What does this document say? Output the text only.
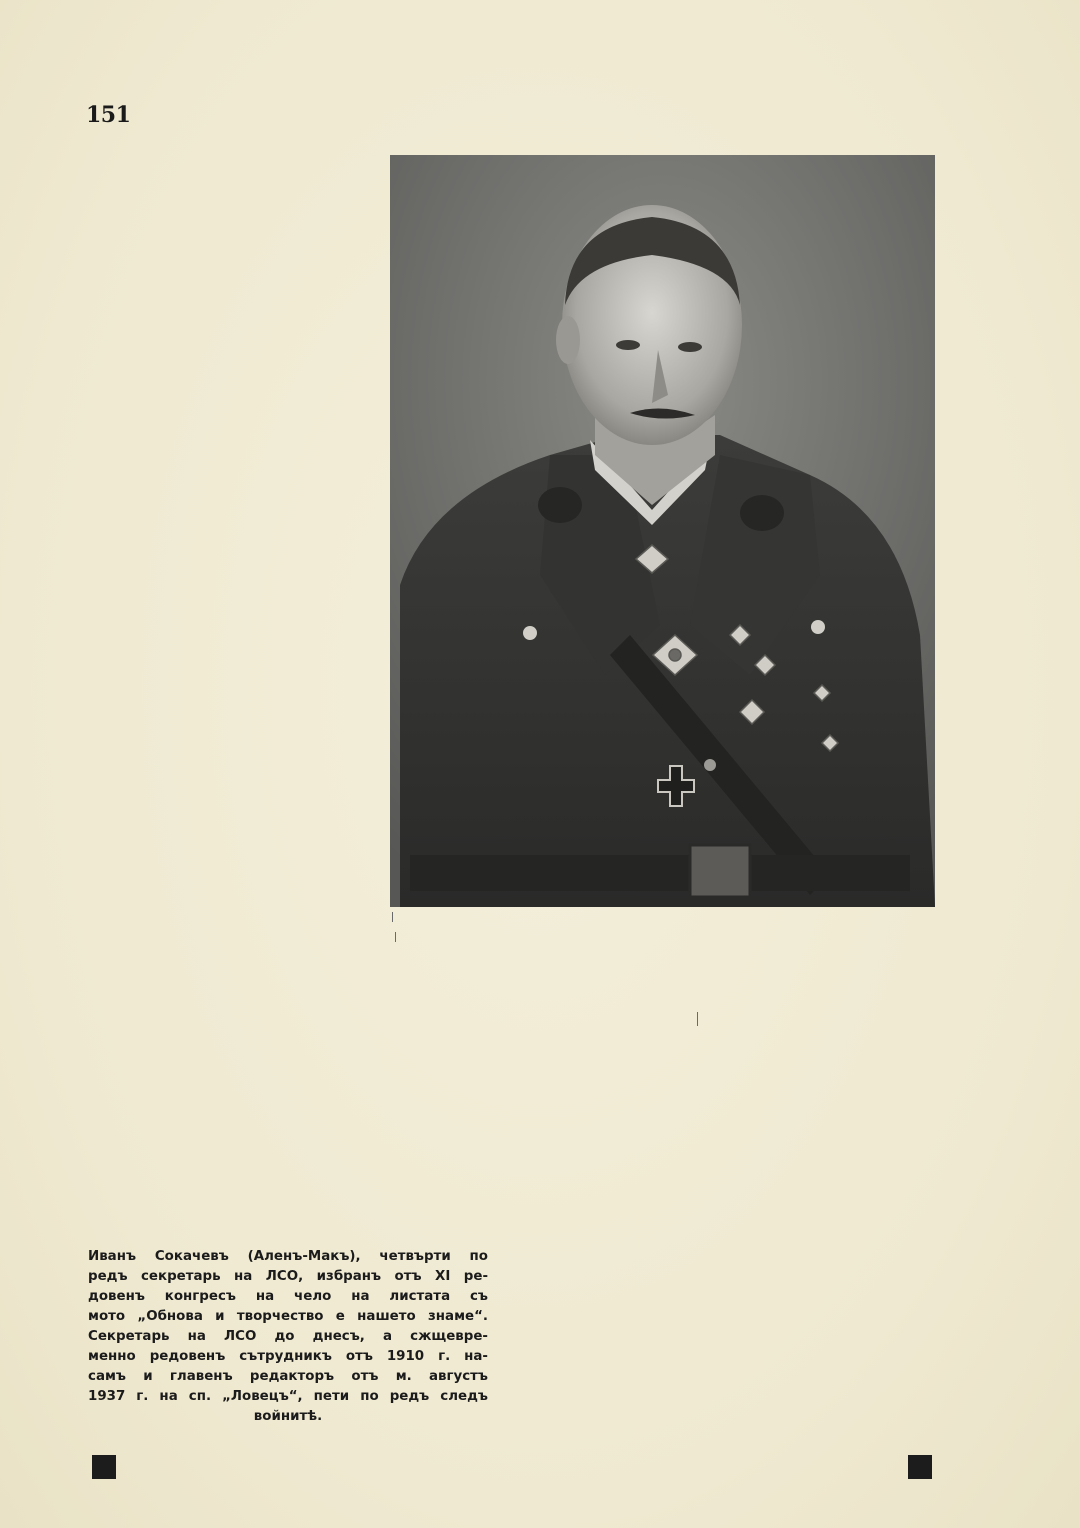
151
Иванъ Сокачевъ (Аленъ-Макъ), четвърти по
редъ секретарь на ЛСО, избранъ отъ XI ре-
довенъ конгресъ на чело на листата съ
мото „Обнова и творчество е нашето знаме“.
Секретарь на ЛСО до днесъ, а сжщевре-
менно редовенъ сътрудникъ отъ 1910 г. на-
самъ и главенъ редакторъ отъ м. августъ
1937 г. на сп. „Ловецъ“, пети по редъ следъ
войнитѣ.
